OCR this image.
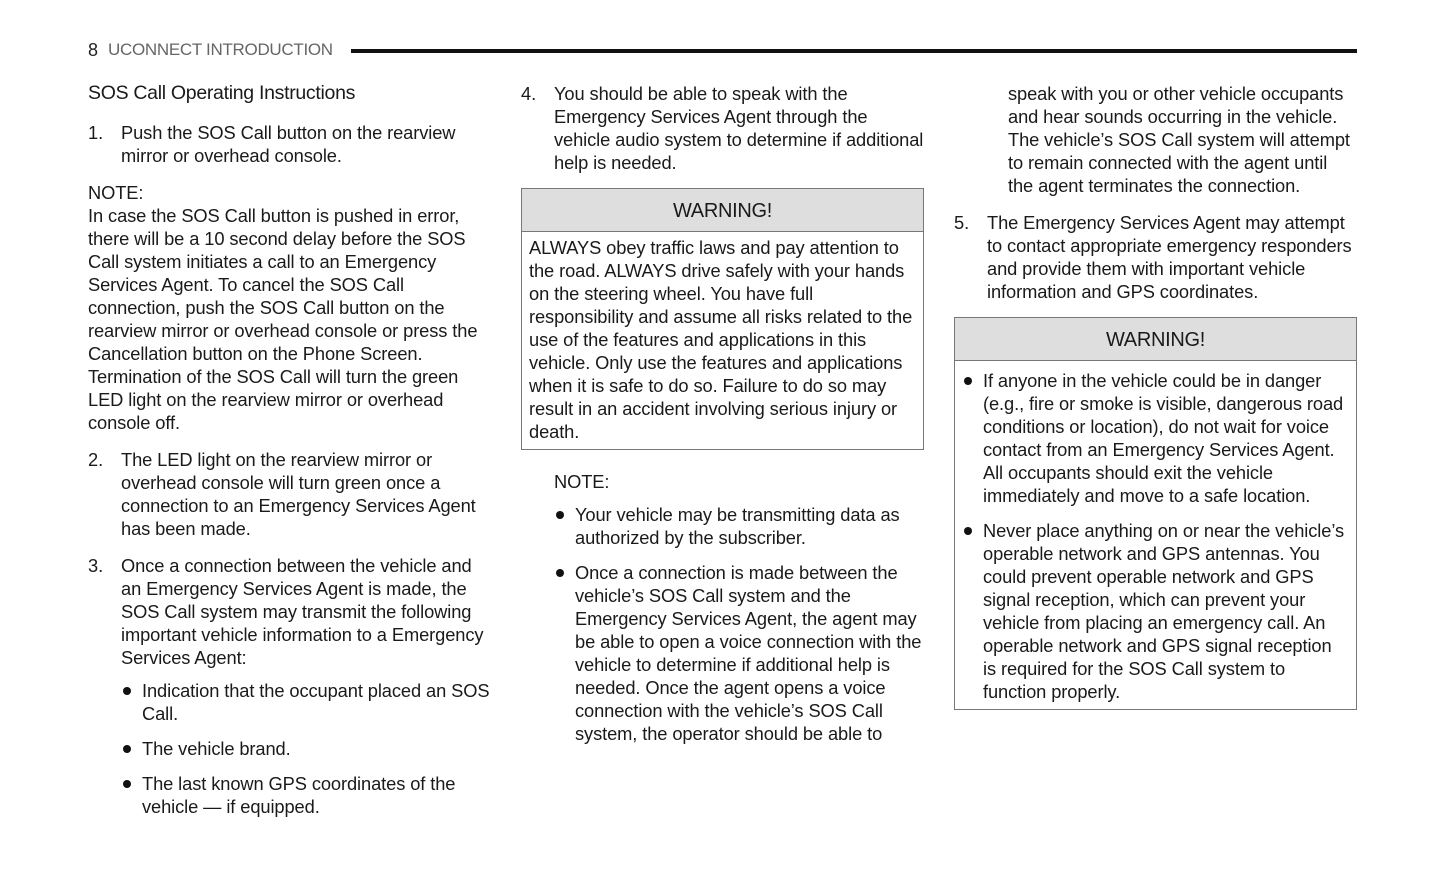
8 UCONNECT INTRODUCTION
SOS Call Operating Instructions
1. Push the SOS Call button on the rearview mirror or overhead console.
NOTE:
In case the SOS Call button is pushed in error, there will be a 10 second delay before the SOS Call system initiates a call to an Emergency Services Agent. To cancel the SOS Call connection, push the SOS Call button on the rearview mirror or overhead console or press the Cancellation button on the Phone Screen. Termination of the SOS Call will turn the green LED light on the rearview mirror or overhead console off.
2. The LED light on the rearview mirror or overhead console will turn green once a connection to an Emergency Services Agent has been made.
3. Once a connection between the vehicle and an Emergency Services Agent is made, the SOS Call system may transmit the following important vehicle information to a Emergency Services Agent:
Indication that the occupant placed an SOS Call.
The vehicle brand.
The last known GPS coordinates of the vehicle — if equipped.
4. You should be able to speak with the Emergency Services Agent through the vehicle audio system to determine if additional help is needed.
WARNING!
ALWAYS obey traffic laws and pay attention to the road. ALWAYS drive safely with your hands on the steering wheel. You have full responsibility and assume all risks related to the use of the features and applications in this vehicle. Only use the features and applications when it is safe to do so. Failure to do so may result in an accident involving serious injury or death.
NOTE:
Your vehicle may be transmitting data as authorized by the subscriber.
Once a connection is made between the vehicle’s SOS Call system and the Emergency Services Agent, the agent may be able to open a voice connection with the vehicle to determine if additional help is needed. Once the agent opens a voice connection with the vehicle’s SOS Call system, the operator should be able to
speak with you or other vehicle occupants and hear sounds occurring in the vehicle. The vehicle’s SOS Call system will attempt to remain connected with the agent until the agent terminates the connection.
5. The Emergency Services Agent may attempt to contact appropriate emergency responders and provide them with important vehicle information and GPS coordinates.
WARNING!
If anyone in the vehicle could be in danger (e.g., fire or smoke is visible, dangerous road conditions or location), do not wait for voice contact from an Emergency Services Agent. All occupants should exit the vehicle immediately and move to a safe location.
Never place anything on or near the vehicle’s operable network and GPS antennas. You could prevent operable network and GPS signal reception, which can prevent your vehicle from placing an emergency call. An operable network and GPS signal reception is required for the SOS Call system to function properly.
